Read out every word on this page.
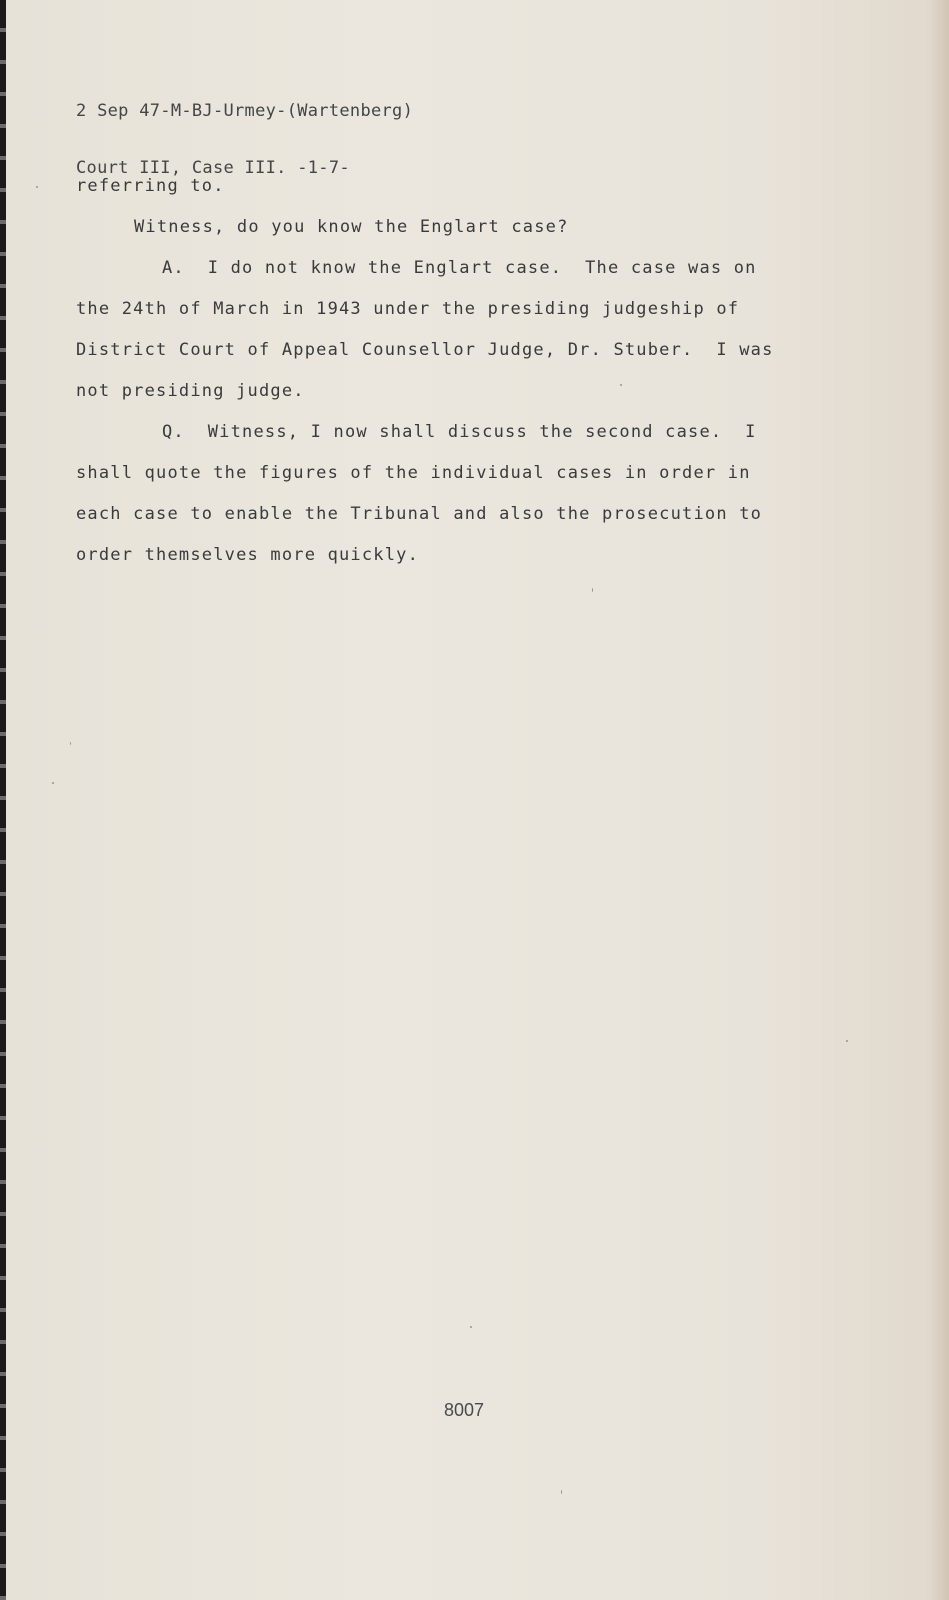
2 Sep 47-M-BJ-Urmey-(Wartenberg)

Court III, Case III. -1-7-

referring to.
Witness, do you know the Englart case?
A.  I do not know the Englart case.  The case was on
the 24th of March in 1943 under the presiding judgeship of
District Court of Appeal Counsellor Judge, Dr. Stuber.  I was
not presiding judge.
Q.  Witness, I now shall discuss the second case.  I
shall quote the figures of the individual cases in order in
each case to enable the Tribunal and also the prosecution to
order themselves more quickly.
8007
